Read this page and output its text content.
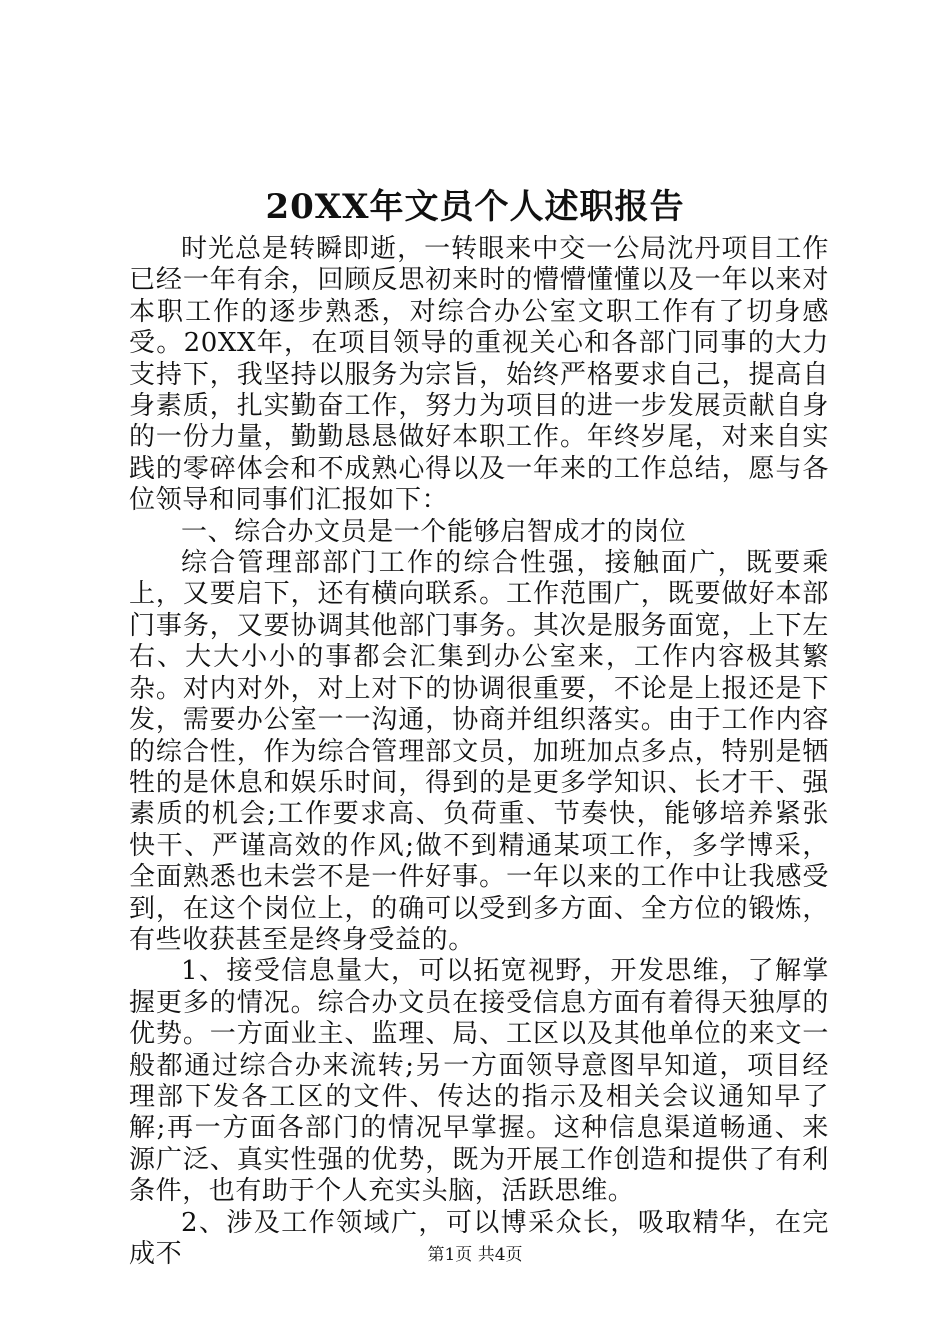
20XX年文员个人述职报告

时光总是转瞬即逝，一转眼来中交一公局沈丹项目工作已经一年有余，回顾反思初来时的懵懵懂懂以及一年以来对本职工作的逐步熟悉，对综合办公室文职工作有了切身感受。20XX年，在项目领导的重视关心和各部门同事的大力支持下，我坚持以服务为宗旨，始终严格要求自己，提高自身素质，扎实勤奋工作，努力为项目的进一步发展贡献自身的一份力量，勤勤恳恳做好本职工作。年终岁尾，对来自实践的零碎体会和不成熟心得以及一年来的工作总结，愿与各位领导和同事们汇报如下：

一、综合办文员是一个能够启智成才的岗位

综合管理部部门工作的综合性强，接触面广，既要乘上，又要启下，还有横向联系。工作范围广，既要做好本部门事务，又要协调其他部门事务。其次是服务面宽，上下左右、大大小小的事都会汇集到办公室来，工作内容极其繁杂。对内对外，对上对下的协调很重要，不论是上报还是下发，需要办公室一一沟通，协商并组织落实。由于工作内容的综合性，作为综合管理部文员，加班加点多点，特别是牺牲的是休息和娱乐时间，得到的是更多学知识、长才干、强素质的机会;工作要求高、负荷重、节奏快，能够培养紧张快干、严谨高效的作风;做不到精通某项工作，多学博采，全面熟悉也未尝不是一件好事。一年以来的工作中让我感受到，在这个岗位上，的确可以受到多方面、全方位的锻炼，有些收获甚至是终身受益的。

1、接受信息量大，可以拓宽视野，开发思维，了解掌握更多的情况。综合办文员在接受信息方面有着得天独厚的优势。一方面业主、监理、局、工区以及其他单位的来文一般都通过综合办来流转;另一方面领导意图早知道，项目经理部下发各工区的文件、传达的指示及相关会议通知早了解;再一方面各部门的情况早掌握。这种信息渠道畅通、来源广泛、真实性强的优势，既为开展工作创造和提供了有利条件，也有助于个人充实头脑，活跃思维。

2、涉及工作领域广，可以博采众长，吸取精华，在完成不	第1页 共4页
